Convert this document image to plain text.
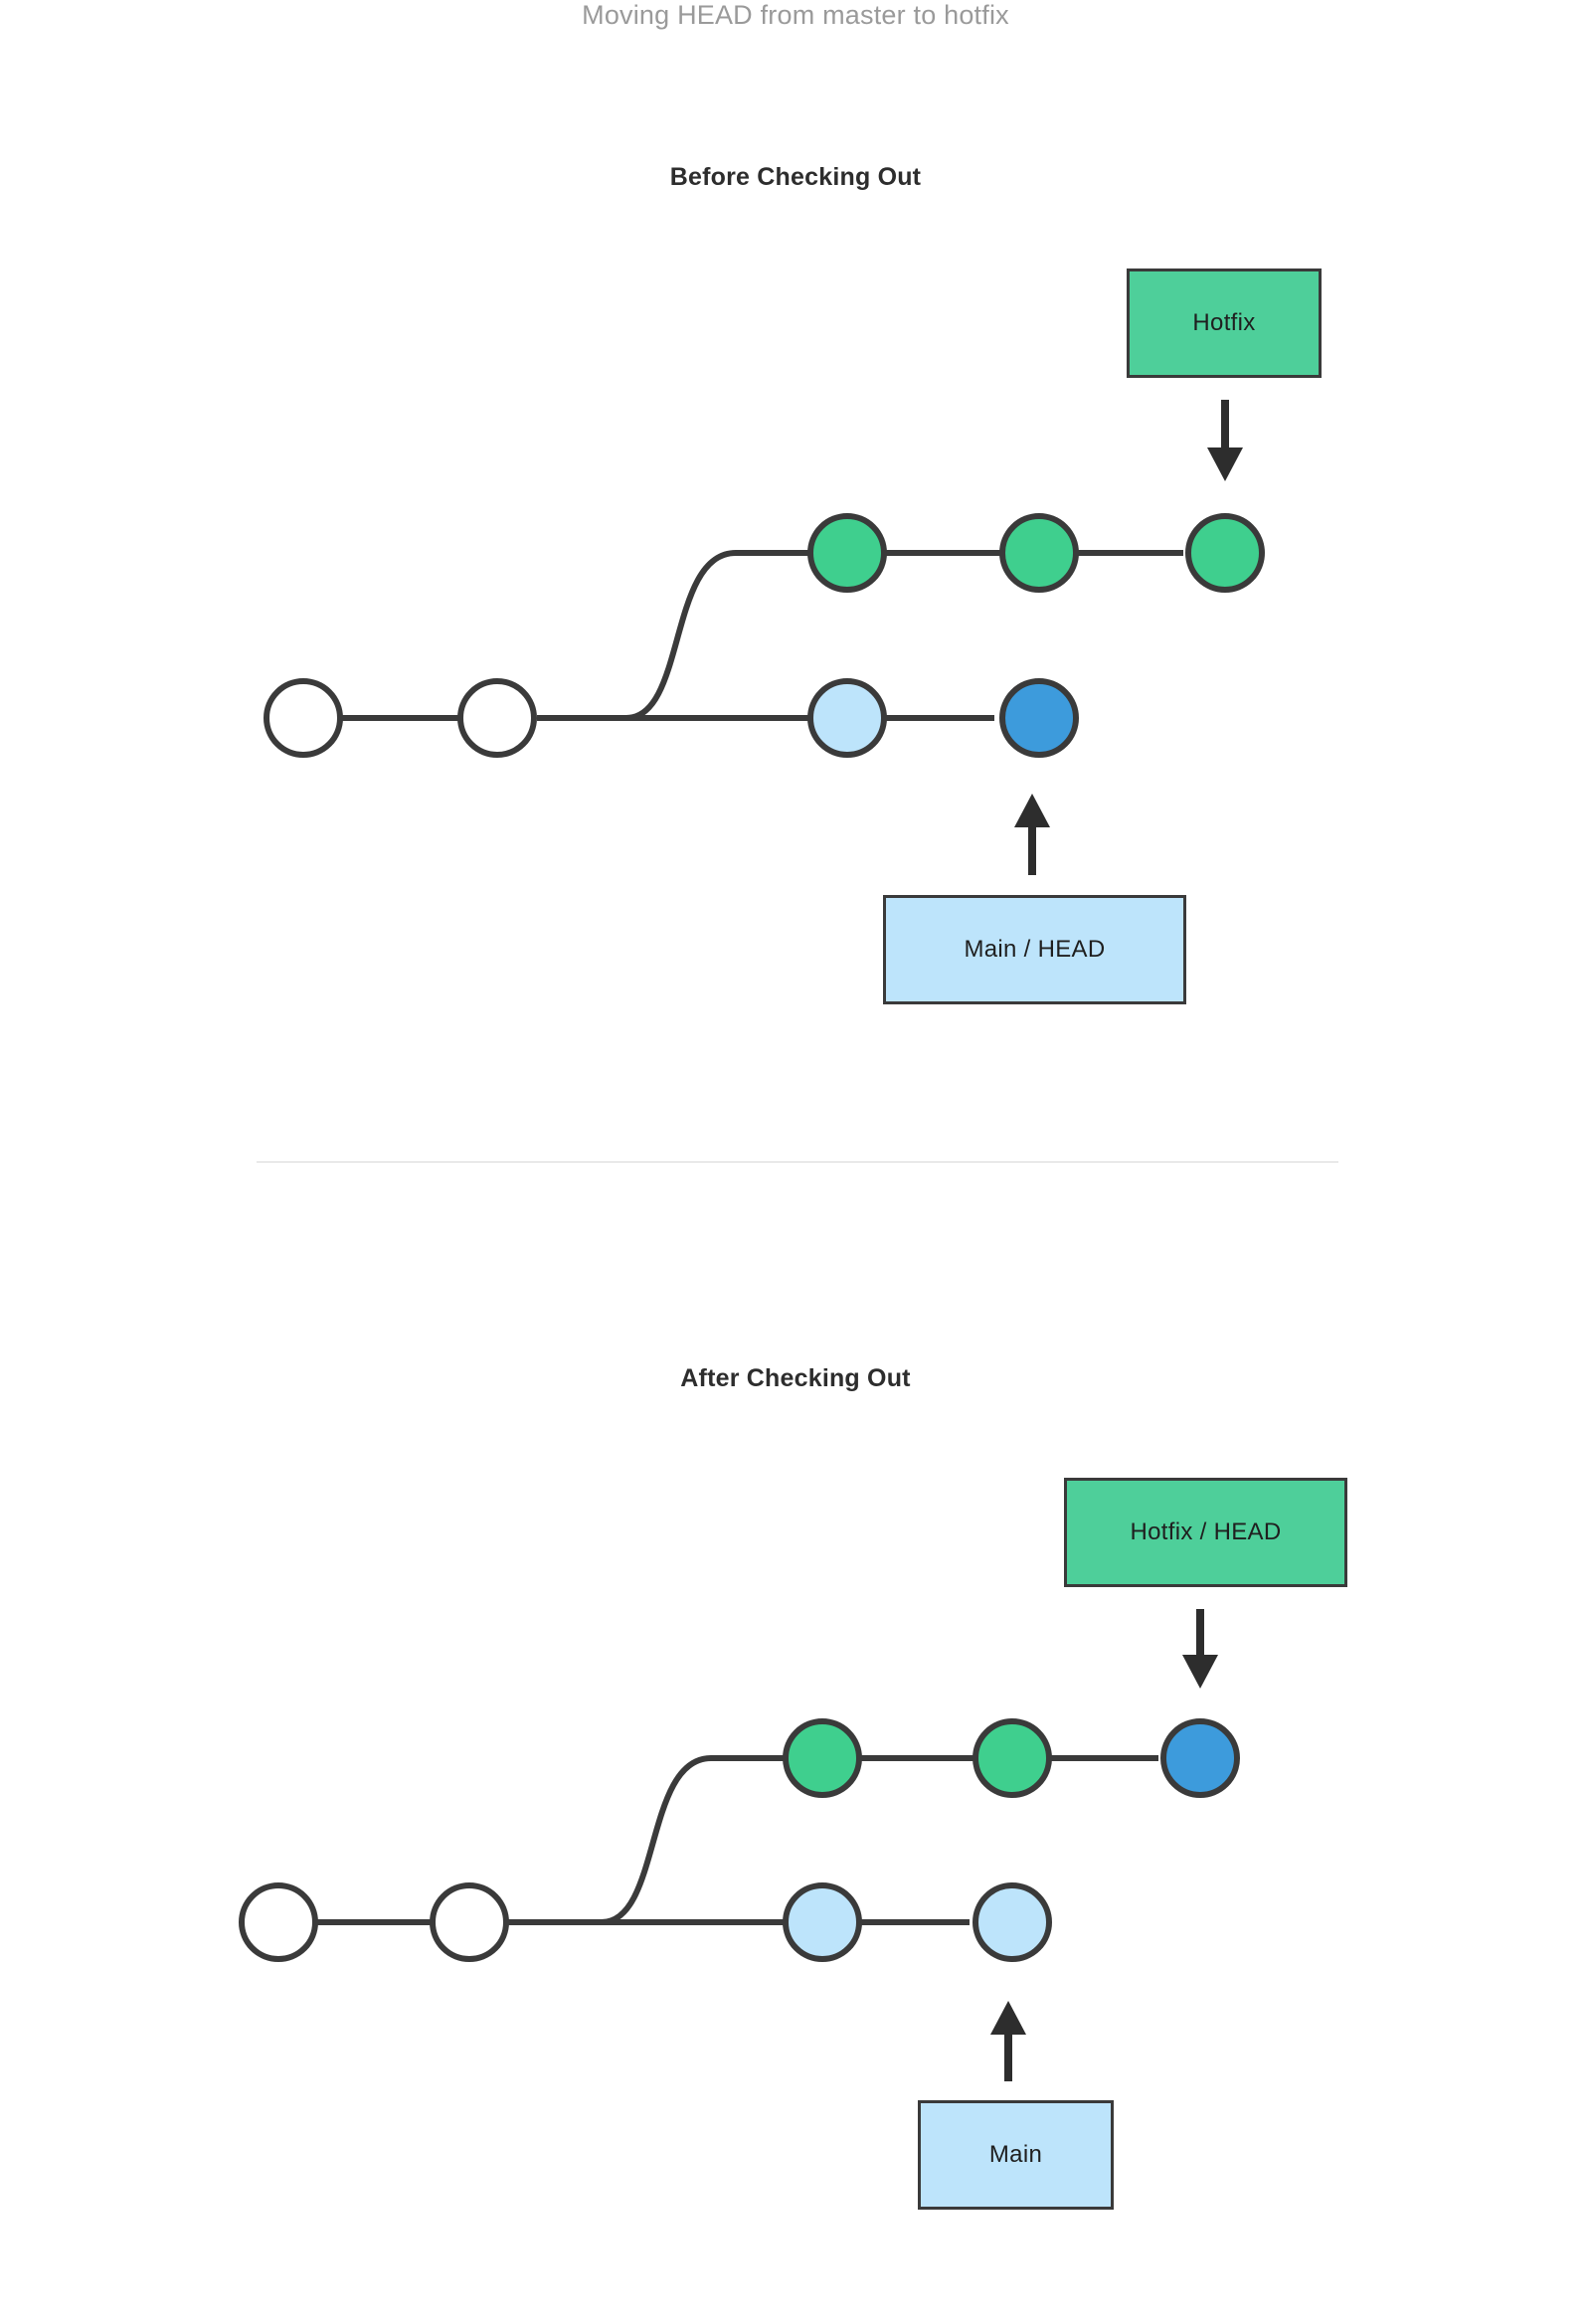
Moving HEAD from master to hotfix
Before Checking Out
Hotfix
Main / HEAD
After Checking Out
Hotfix / HEAD
Main
